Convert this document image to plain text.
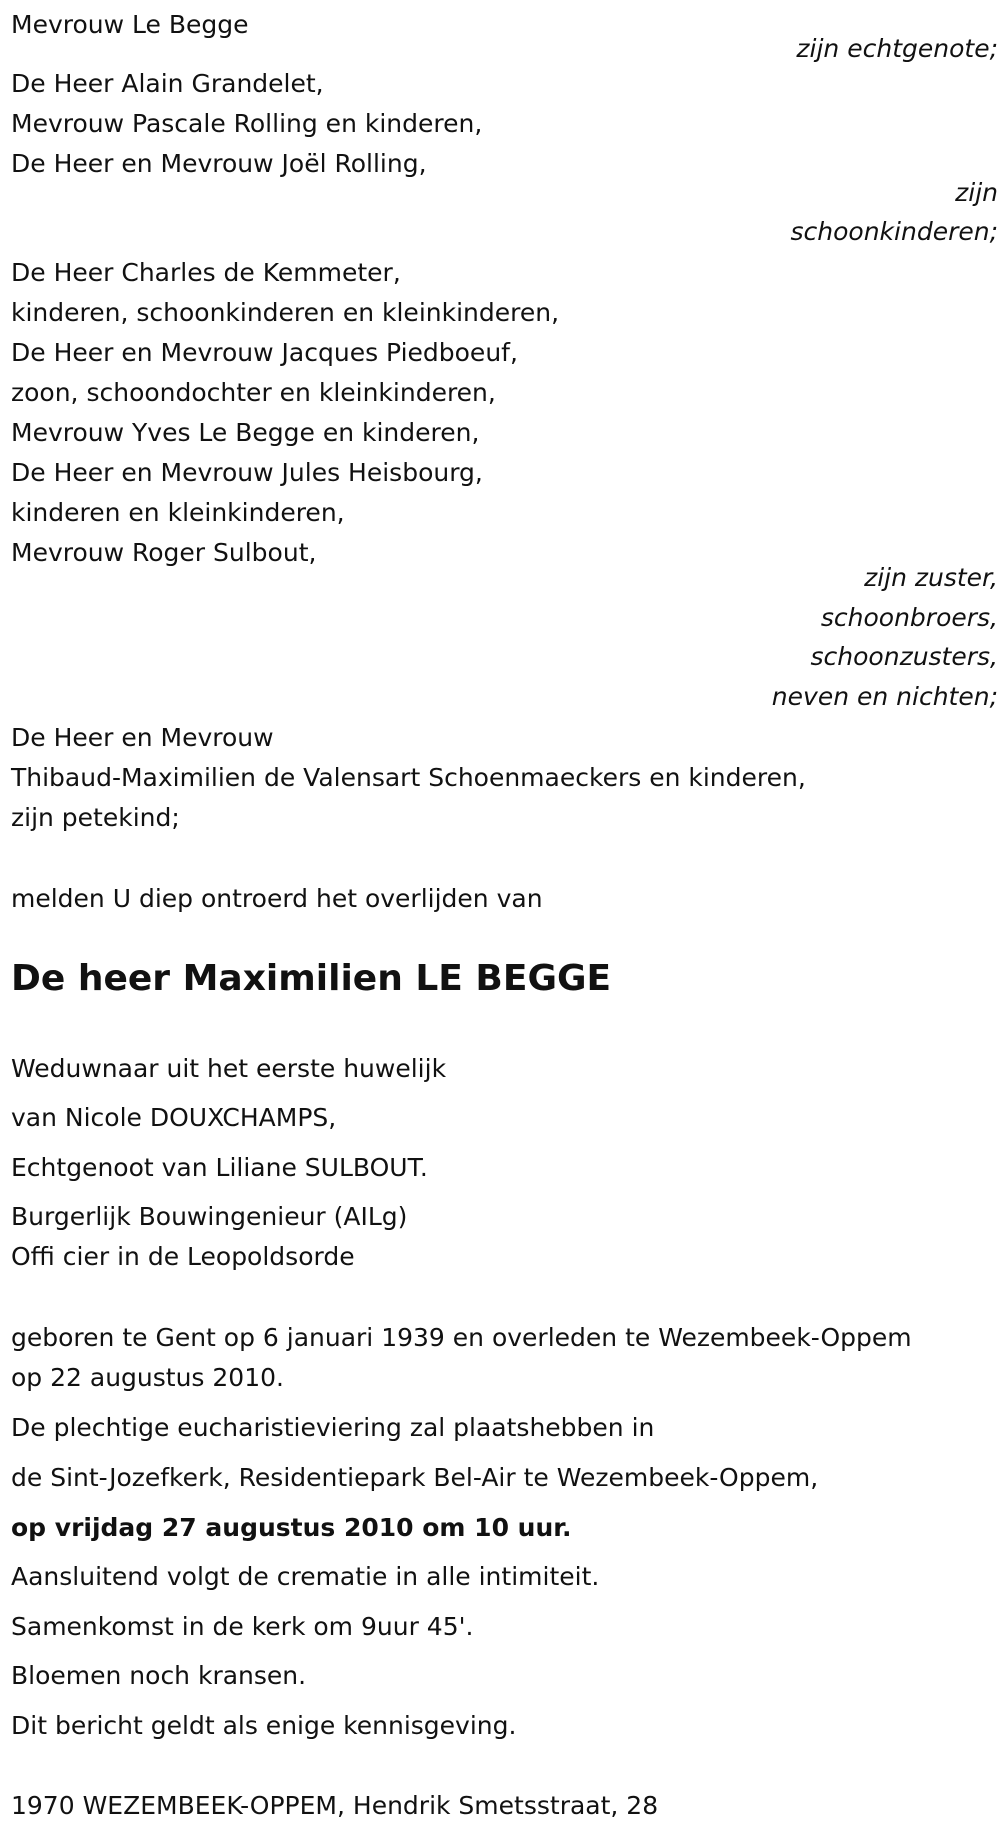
Mevrouw Le Begge
zijn echtgenote;
De Heer Alain Grandelet,
Mevrouw Pascale Rolling en kinderen,
De Heer en Mevrouw Joël Rolling,
zijn
schoonkinderen;
De Heer Charles de Kemmeter,
kinderen, schoonkinderen en kleinkinderen,
De Heer en Mevrouw Jacques Piedboeuf,
zoon, schoondochter en kleinkinderen,
Mevrouw Yves Le Begge en kinderen,
De Heer en Mevrouw Jules Heisbourg,
kinderen en kleinkinderen,
Mevrouw Roger Sulbout,
zijn zuster,
schoonbroers,
schoonzusters,
neven en nichten;
De Heer en Mevrouw
Thibaud-Maximilien de Valensart Schoenmaeckers en kinderen,
zijn petekind;
melden U diep ontroerd het overlijden van
De heer Maximilien LE BEGGE
Weduwnaar uit het eerste huwelijk
van Nicole DOUXCHAMPS,
Echtgenoot van Liliane SULBOUT.
Burgerlijk Bouwingenieur (AILg)
Offi cier in de Leopoldsorde
geboren te Gent op 6 januari 1939 en overleden te Wezembeek-Oppem
op 22 augustus 2010.
De plechtige eucharistieviering zal plaatshebben in
de Sint-Jozefkerk, Residentiepark Bel-Air te Wezembeek-Oppem,
op vrijdag 27 augustus 2010 om 10 uur.
Aansluitend volgt de crematie in alle intimiteit.
Samenkomst in de kerk om 9uur 45'.
Bloemen noch kransen.
Dit bericht geldt als enige kennisgeving.
1970 WEZEMBEEK-OPPEM, Hendrik Smetsstraat, 28
